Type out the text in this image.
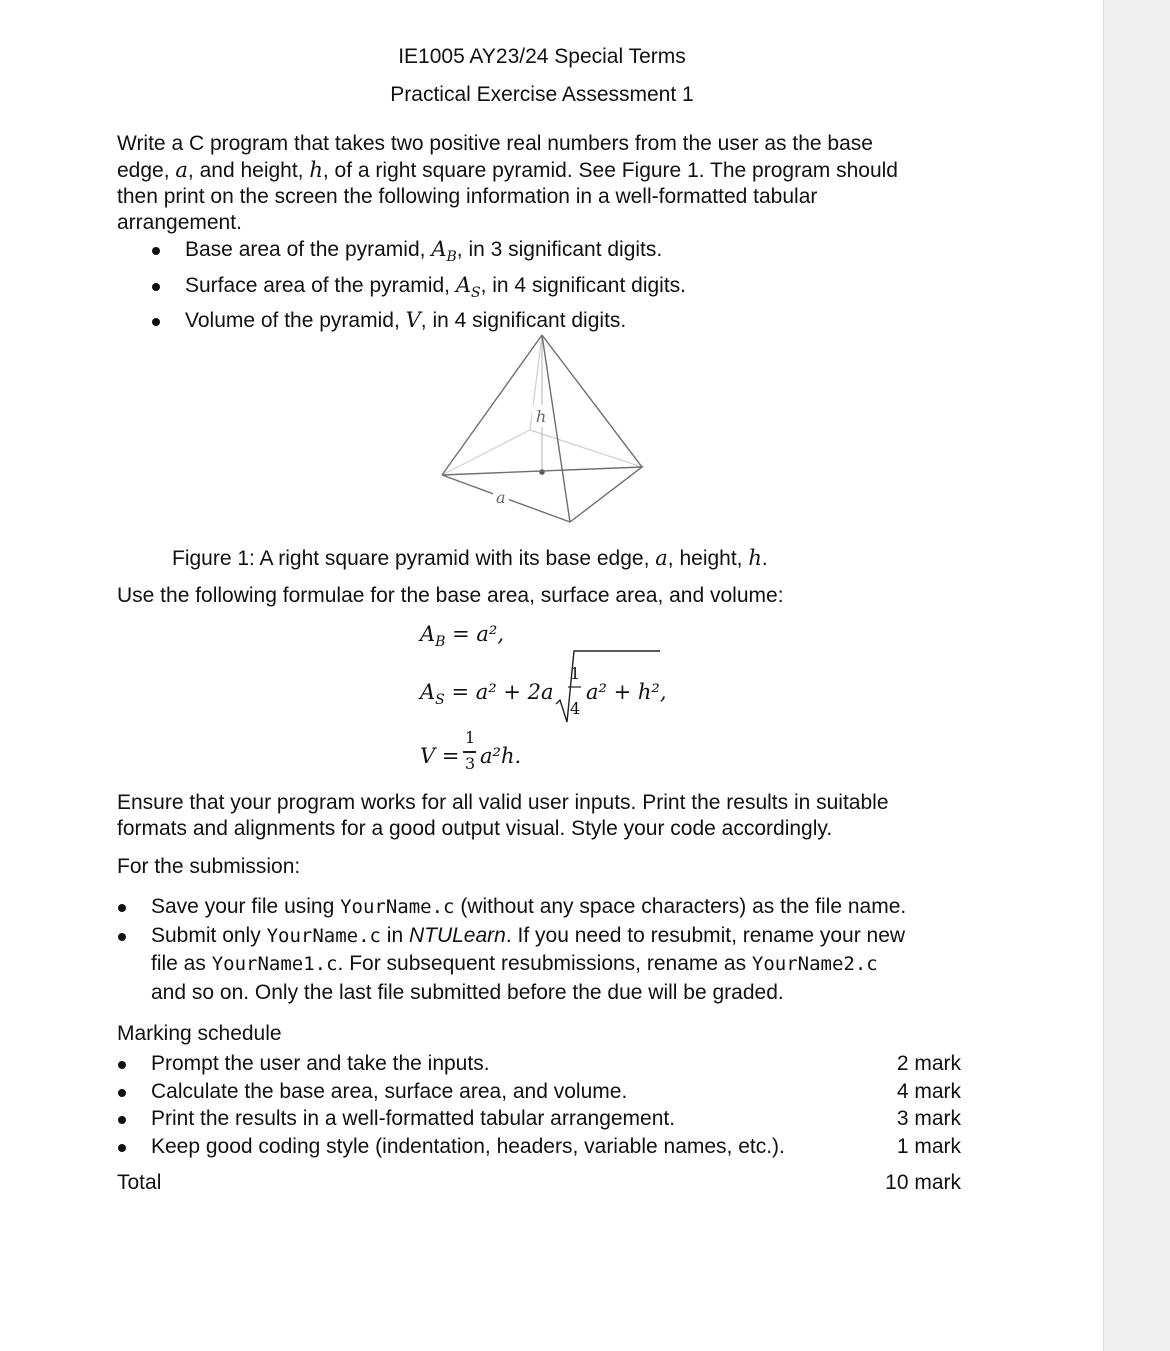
IE1005 AY23/24 Special Terms
Practical Exercise Assessment 1
Write a C program that takes two positive real numbers from the user as the base
edge, a, and height, h, of a right square pyramid. See Figure 1. The program should
then print on the screen the following information in a well-formatted tabular
arrangement.
Base area of the pyramid, $A_B$, in 3 significant digits.
Surface area of the pyramid, $A_S$, in 4 significant digits.
Volume of the pyramid, V, in 4 significant digits.
h
a
Figure 1: A right square pyramid with its base edge, a, height, h.
Use the following formulae for the base area, surface area, and volume:
$A_B = a^2$,
$A_S = a^2 + 2a$
1
4
a² + h²,
V =
1
3 a²h.
Ensure that your program works for all valid user inputs. Print the results in suitable
formats and alignments for a good output visual. Style your code accordingly.
For the submission:
Save your file using YourName.c (without any space characters) as the file name.
Submit only YourName.c in NTULearn. If you need to resubmit, rename your new
file as YourName1.c. For subsequent resubmissions, rename as YourName2.c
and so on. Only the last file submitted before the due will be graded.
Marking schedule
Prompt the user and take the inputs.	2 mark
Calculate the base area, surface area, and volume.	4 mark
Print the results in a well-formatted tabular arrangement.	3 mark
Keep good coding style (indentation, headers, variable names, etc.).	1 mark
Total	10 mark
